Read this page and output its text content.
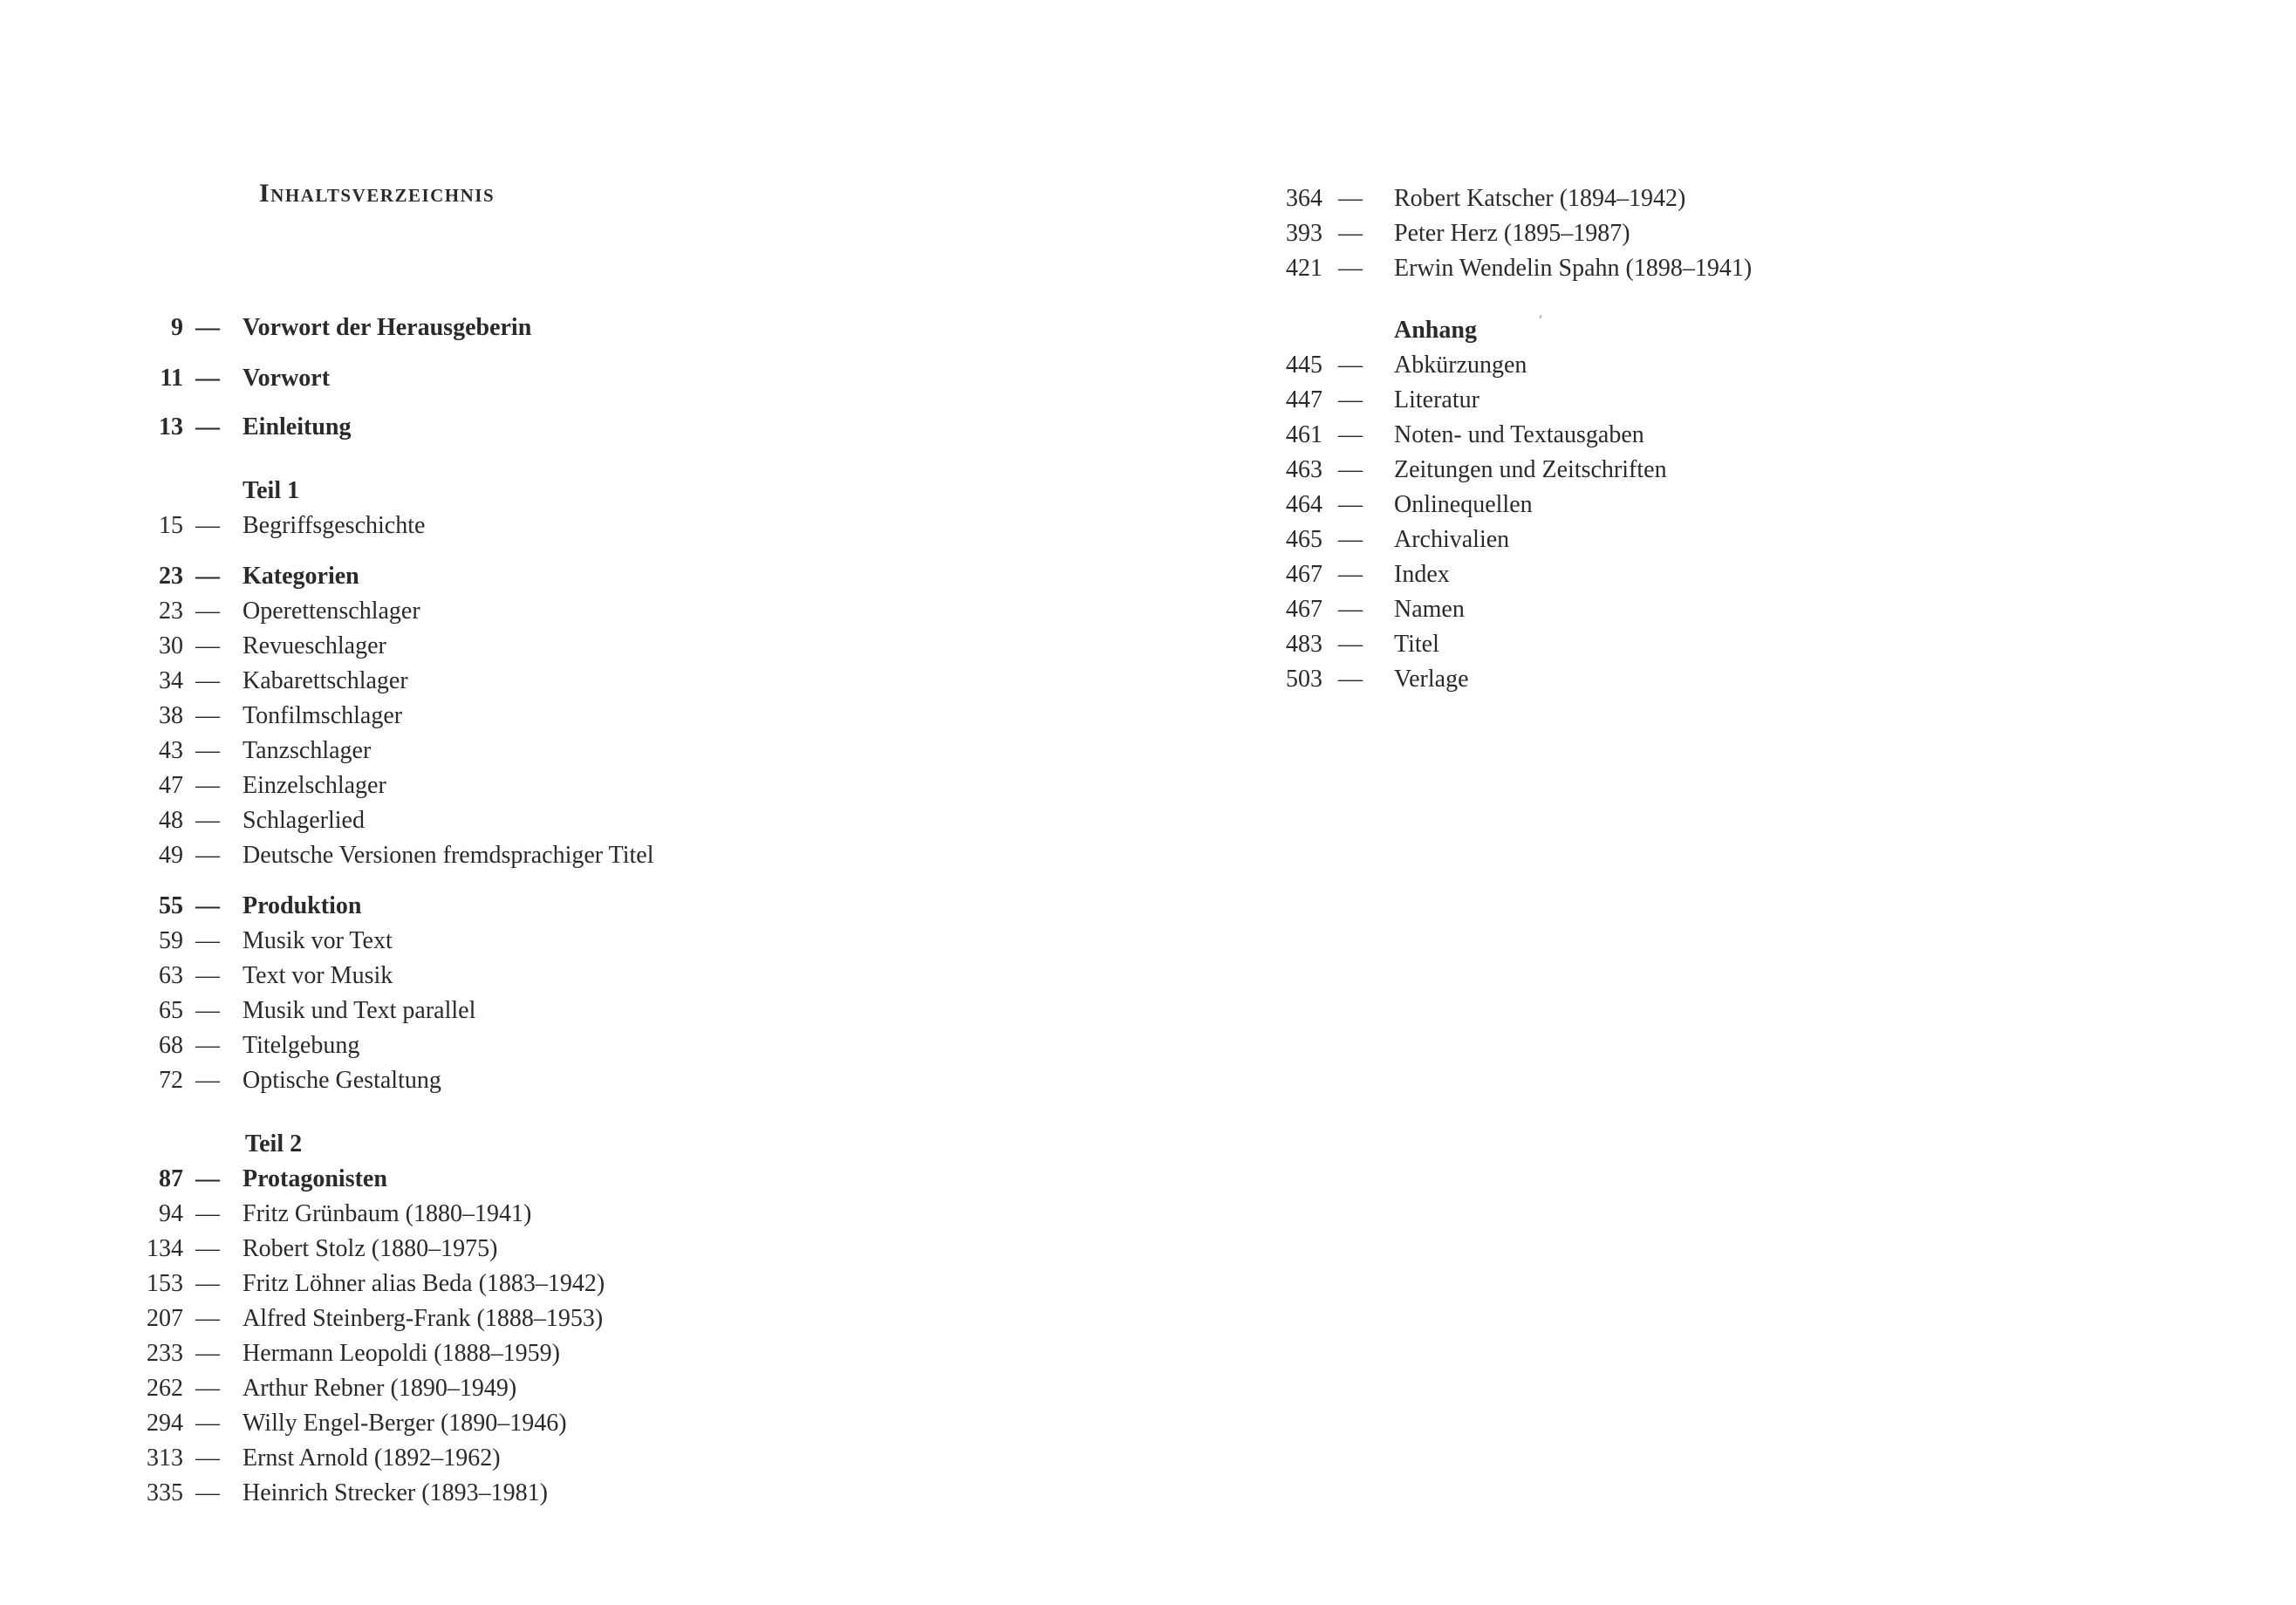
Inhaltsverzeichnis
9 — Vorwort der Herausgeberin
11 — Vorwort
13 — Einleitung
Teil 1
15 — Begriffsgeschichte
23 — Kategorien
23 — Operettenschlager
30 — Revueschlager
34 — Kabarettschlager
38 — Tonfilmschlager
43 — Tanzschlager
47 — Einzelschlager
48 — Schlagerlied
49 — Deutsche Versionen fremdsprachiger Titel
55 — Produktion
59 — Musik vor Text
63 — Text vor Musik
65 — Musik und Text parallel
68 — Titelgebung
72 — Optische Gestaltung
Teil 2
87 — Protagonisten
94 — Fritz Grünbaum (1880–1941)
134 — Robert Stolz (1880–1975)
153 — Fritz Löhner alias Beda (1883–1942)
207 — Alfred Steinberg-Frank (1888–1953)
233 — Hermann Leopoldi (1888–1959)
262 — Arthur Rebner (1890–1949)
294 — Willy Engel-Berger (1890–1946)
313 — Ernst Arnold (1892–1962)
335 — Heinrich Strecker (1893–1981)
364 — Robert Katscher (1894–1942)
393 — Peter Herz (1895–1987)
421 — Erwin Wendelin Spahn (1898–1941)
Anhang
445 — Abkürzungen
447 — Literatur
461 — Noten- und Textausgaben
463 — Zeitungen und Zeitschriften
464 — Onlinequellen
465 — Archivalien
467 — Index
467 — Namen
483 — Titel
503 — Verlage
